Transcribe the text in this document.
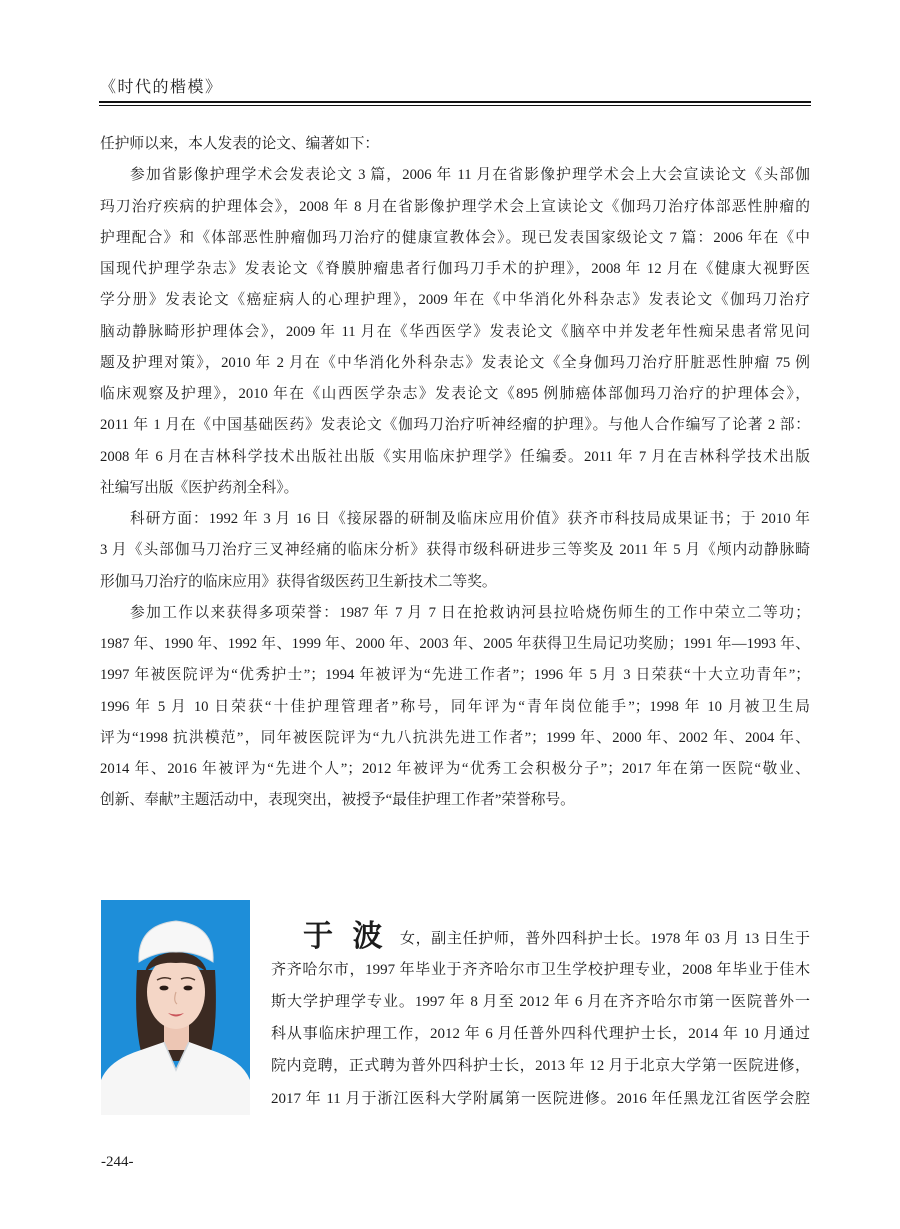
《时代的楷模》
任护师以来，本人发表的论文、编著如下：
参加省影像护理学术会发表论文 3 篇，2006 年 11 月在省影像护理学术会上大会宣读论文《头部伽
玛刀治疗疾病的护理体会》，2008 年 8 月在省影像护理学术会上宣读论文《伽玛刀治疗体部恶性肿瘤的
护理配合》和《体部恶性肿瘤伽玛刀治疗的健康宣教体会》。现已发表国家级论文 7 篇：2006 年在《中
国现代护理学杂志》发表论文《脊膜肿瘤患者行伽玛刀手术的护理》，2008 年 12 月在《健康大视野医
学分册》发表论文《癌症病人的心理护理》，2009 年在《中华消化外科杂志》发表论文《伽玛刀治疗
脑动静脉畸形护理体会》，2009 年 11 月在《华西医学》发表论文《脑卒中并发老年性痴呆患者常见问
题及护理对策》，2010 年 2 月在《中华消化外科杂志》发表论文《全身伽玛刀治疗肝脏恶性肿瘤 75 例
临床观察及护理》，2010 年在《山西医学杂志》发表论文《895 例肺癌体部伽玛刀治疗的护理体会》，
2011 年 1 月在《中国基础医药》发表论文《伽玛刀治疗听神经瘤的护理》。与他人合作编写了论著 2 部：
2008 年 6 月在吉林科学技术出版社出版《实用临床护理学》任编委。2011 年 7 月在吉林科学技术出版
社编写出版《医护药剂全科》。
科研方面：1992 年 3 月 16 日《接尿器的研制及临床应用价值》获齐市科技局成果证书；于 2010 年
3 月《头部伽马刀治疗三叉神经痛的临床分析》获得市级科研进步三等奖及 2011 年 5 月《颅内动静脉畸
形伽马刀治疗的临床应用》获得省级医药卫生新技术二等奖。
参加工作以来获得多项荣誉：1987 年 7 月 7 日在抢救讷河县拉哈烧伤师生的工作中荣立二等功；
1987 年、1990 年、1992 年、1999 年、2000 年、2003 年、2005 年获得卫生局记功奖励；1991 年—1993 年、
1997 年被医院评为“优秀护士”；1994 年被评为“先进工作者”；1996 年 5 月 3 日荣获“十大立功青年”；
1996 年 5 月 10 日荣获“十佳护理管理者”称号，同年评为“青年岗位能手”；1998 年 10 月被卫生局
评为“1998 抗洪模范”，同年被医院评为“九八抗洪先进工作者”；1999 年、2000 年、2002 年、2004 年、
2014 年、2016 年被评为“先进个人”；2012 年被评为“优秀工会积极分子”；2017 年在第一医院“敬业、
创新、奉献”主题活动中，表现突出，被授予“最佳护理工作者”荣誉称号。
于 波 女，副主任护师，普外四科护士长。1978 年 03 月 13 日生于
齐齐哈尔市，1997 年毕业于齐齐哈尔市卫生学校护理专业，2008 年毕业于佳木
斯大学护理学专业。1997 年 8 月至 2012 年 6 月在齐齐哈尔市第一医院普外一
科从事临床护理工作，2012 年 6 月任普外四科代理护士长，2014 年 10 月通过
院内竞聘，正式聘为普外四科护士长，2013 年 12 月于北京大学第一医院进修，
2017 年 11 月于浙江医科大学附属第一医院进修。2016 年任黑龙江省医学会腔
-244-
